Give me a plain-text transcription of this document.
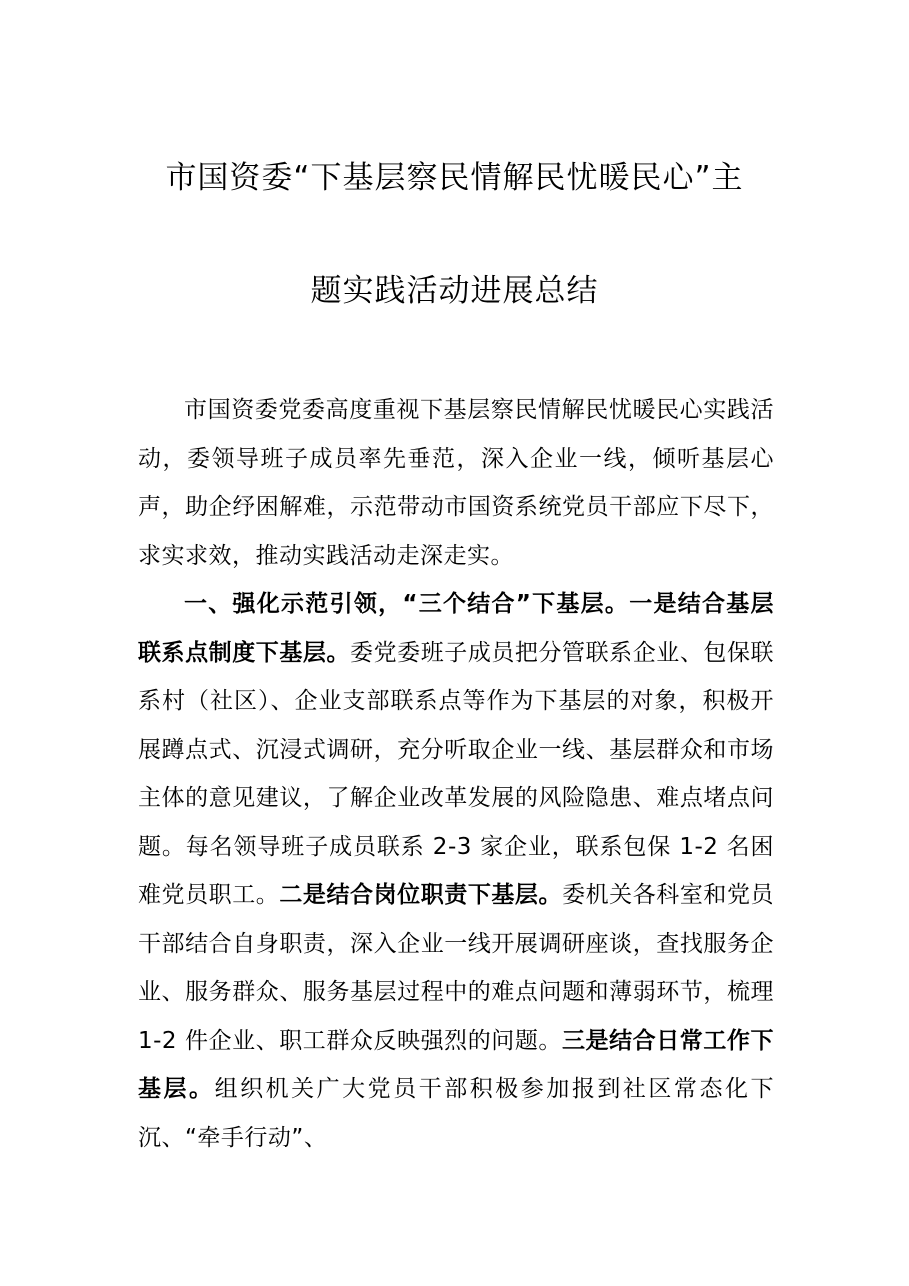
市国资委“下基层察民情解民忧暖民心”主
题实践活动进展总结

市国资委党委高度重视下基层察民情解民忧暖民心实践活动，委领导班子成员率先垂范，深入企业一线，倾听基层心声，助企纾困解难，示范带动市国资系统党员干部应下尽下，求实求效，推动实践活动走深走实。

一、强化示范引领，“三个结合”下基层。一是结合基层联系点制度下基层。委党委班子成员把分管联系企业、包保联系村（社区）、企业支部联系点等作为下基层的对象，积极开展蹲点式、沉浸式调研，充分听取企业一线、基层群众和市场主体的意见建议，了解企业改革发展的风险隐患、难点堵点问题。每名领导班子成员联系 2-3 家企业，联系包保 1-2 名困难党员职工。二是结合岗位职责下基层。委机关各科室和党员干部结合自身职责，深入企业一线开展调研座谈，查找服务企业、服务群众、服务基层过程中的难点问题和薄弱环节，梳理 1-2 件企业、职工群众反映强烈的问题。三是结合日常工作下基层。组织机关广大党员干部积极参加报到社区常态化下沉、“牵手行动”、
